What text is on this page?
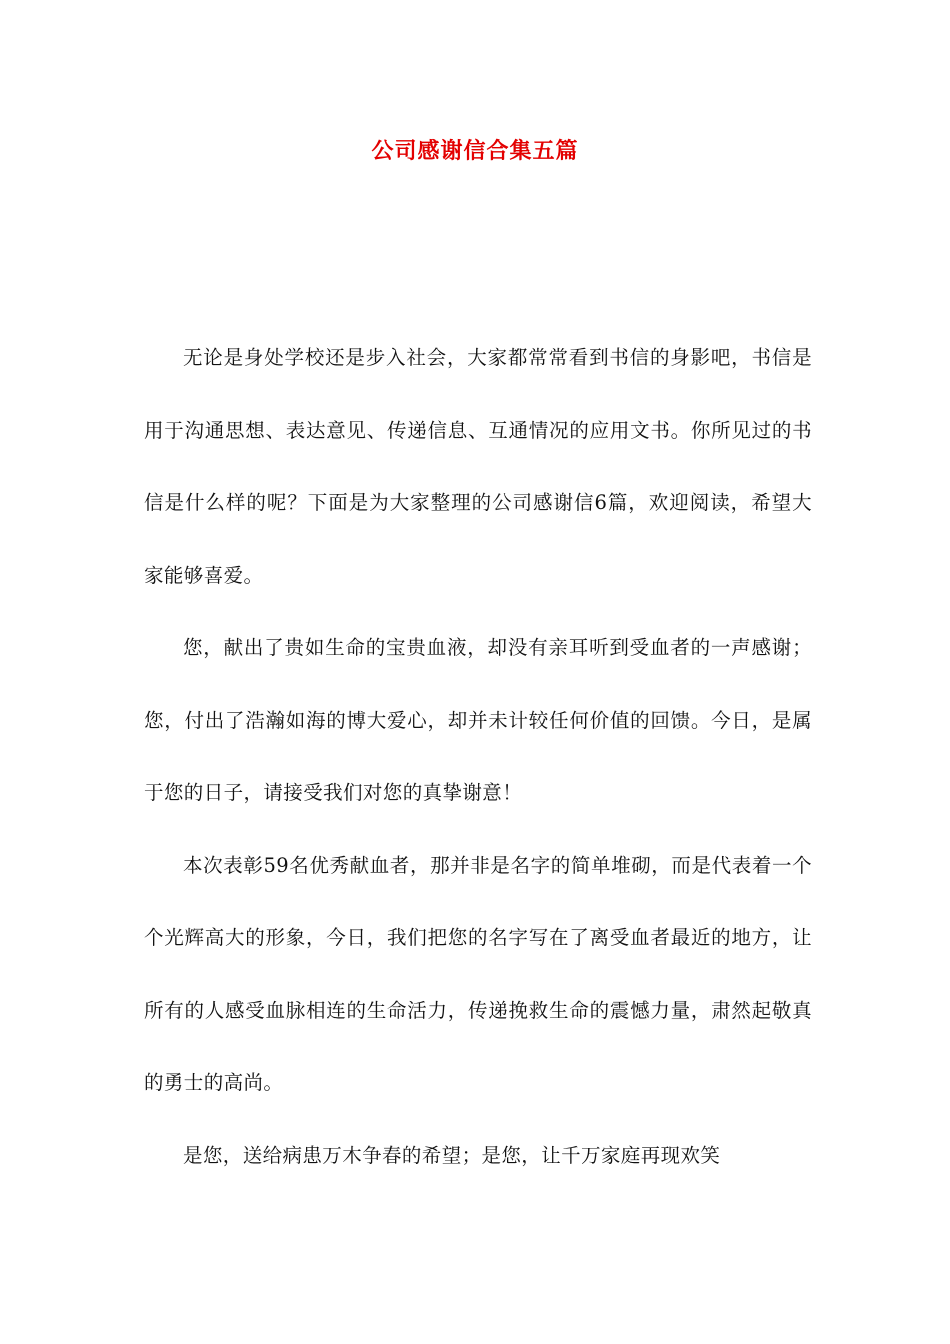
公司感谢信合集五篇

无论是身处学校还是步入社会，大家都常常看到书信的身影吧，书信是用于沟通思想、表达意见、传递信息、互通情况的应用文书。你所见过的书信是什么样的呢？下面是为大家整理的公司感谢信6篇，欢迎阅读，希望大家能够喜爱。

您，献出了贵如生命的宝贵血液，却没有亲耳听到受血者的一声感谢；您，付出了浩瀚如海的博大爱心，却并未计较任何价值的回馈。今日，是属于您的日子，请接受我们对您的真挚谢意！

本次表彰59名优秀献血者，那并非是名字的简单堆砌，而是代表着一个个光辉高大的形象，今日，我们把您的名字写在了离受血者最近的地方，让所有的人感受血脉相连的生命活力，传递挽救生命的震憾力量，肃然起敬真的勇士的高尚。

是您，送给病患万木争春的希望；是您，让千万家庭再现欢笑
